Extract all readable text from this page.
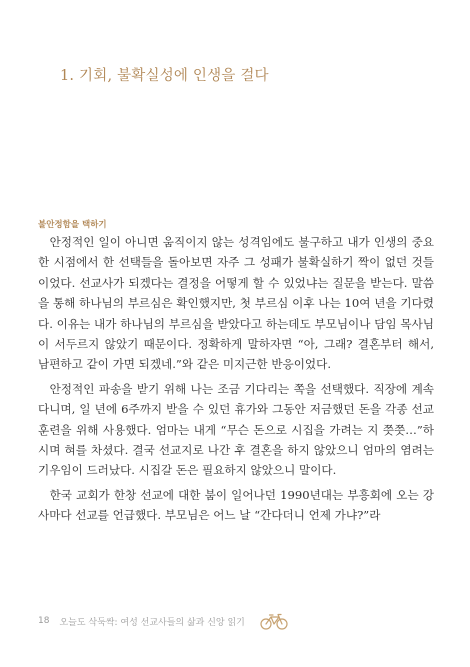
1. 기회, 불확실성에 인생을 걸다
불안정함을 택하기

안정적인 일이 아니면 움직이지 않는 성격임에도 불구하고 내가 인생의 중요한 시점에서 한 선택들을 돌아보면 자주 그 성패가 불확실하기 짝이 없던 것들이었다. 선교사가 되겠다는 결정을 어떻게 할 수 있었냐는 질문을 받는다. 말씀을 통해 하나님의 부르심은 확인했지만, 첫 부르심 이후 나는 10여 년을 기다렸다. 이유는 내가 하나님의 부르심을 받았다고 하는데도 부모님이나 담임 목사님이 서두르지 않았기 때문이다. 정확하게 말하자면 “아, 그래? 결혼부터 해서, 남편하고 같이 가면 되겠네.”와 같은 미지근한 반응이었다.

안정적인 파송을 받기 위해 나는 조금 기다리는 쪽을 선택했다. 직장에 계속 다니며, 일 년에 6주까지 받을 수 있던 휴가와 그동안 저금했던 돈을 각종 선교 훈련을 위해 사용했다. 엄마는 내게 “무슨 돈으로 시집을 가려는 지 쯧쯧…”하시며 혀를 차셨다. 결국 선교지로 나간 후 결혼을 하지 않았으니 엄마의 염려는 기우임이 드러났다. 시집갈 돈은 필요하지 않았으니 말이다.

한국 교회가 한창 선교에 대한 붐이 일어나던 1990년대는 부흥회에 오는 강사마다 선교를 언급했다. 부모님은 어느 날 “간다더니 언제 가냐?”라

18 오늘도 삭둑싹: 여성 선교사들의 삶과 신앙 읽기
